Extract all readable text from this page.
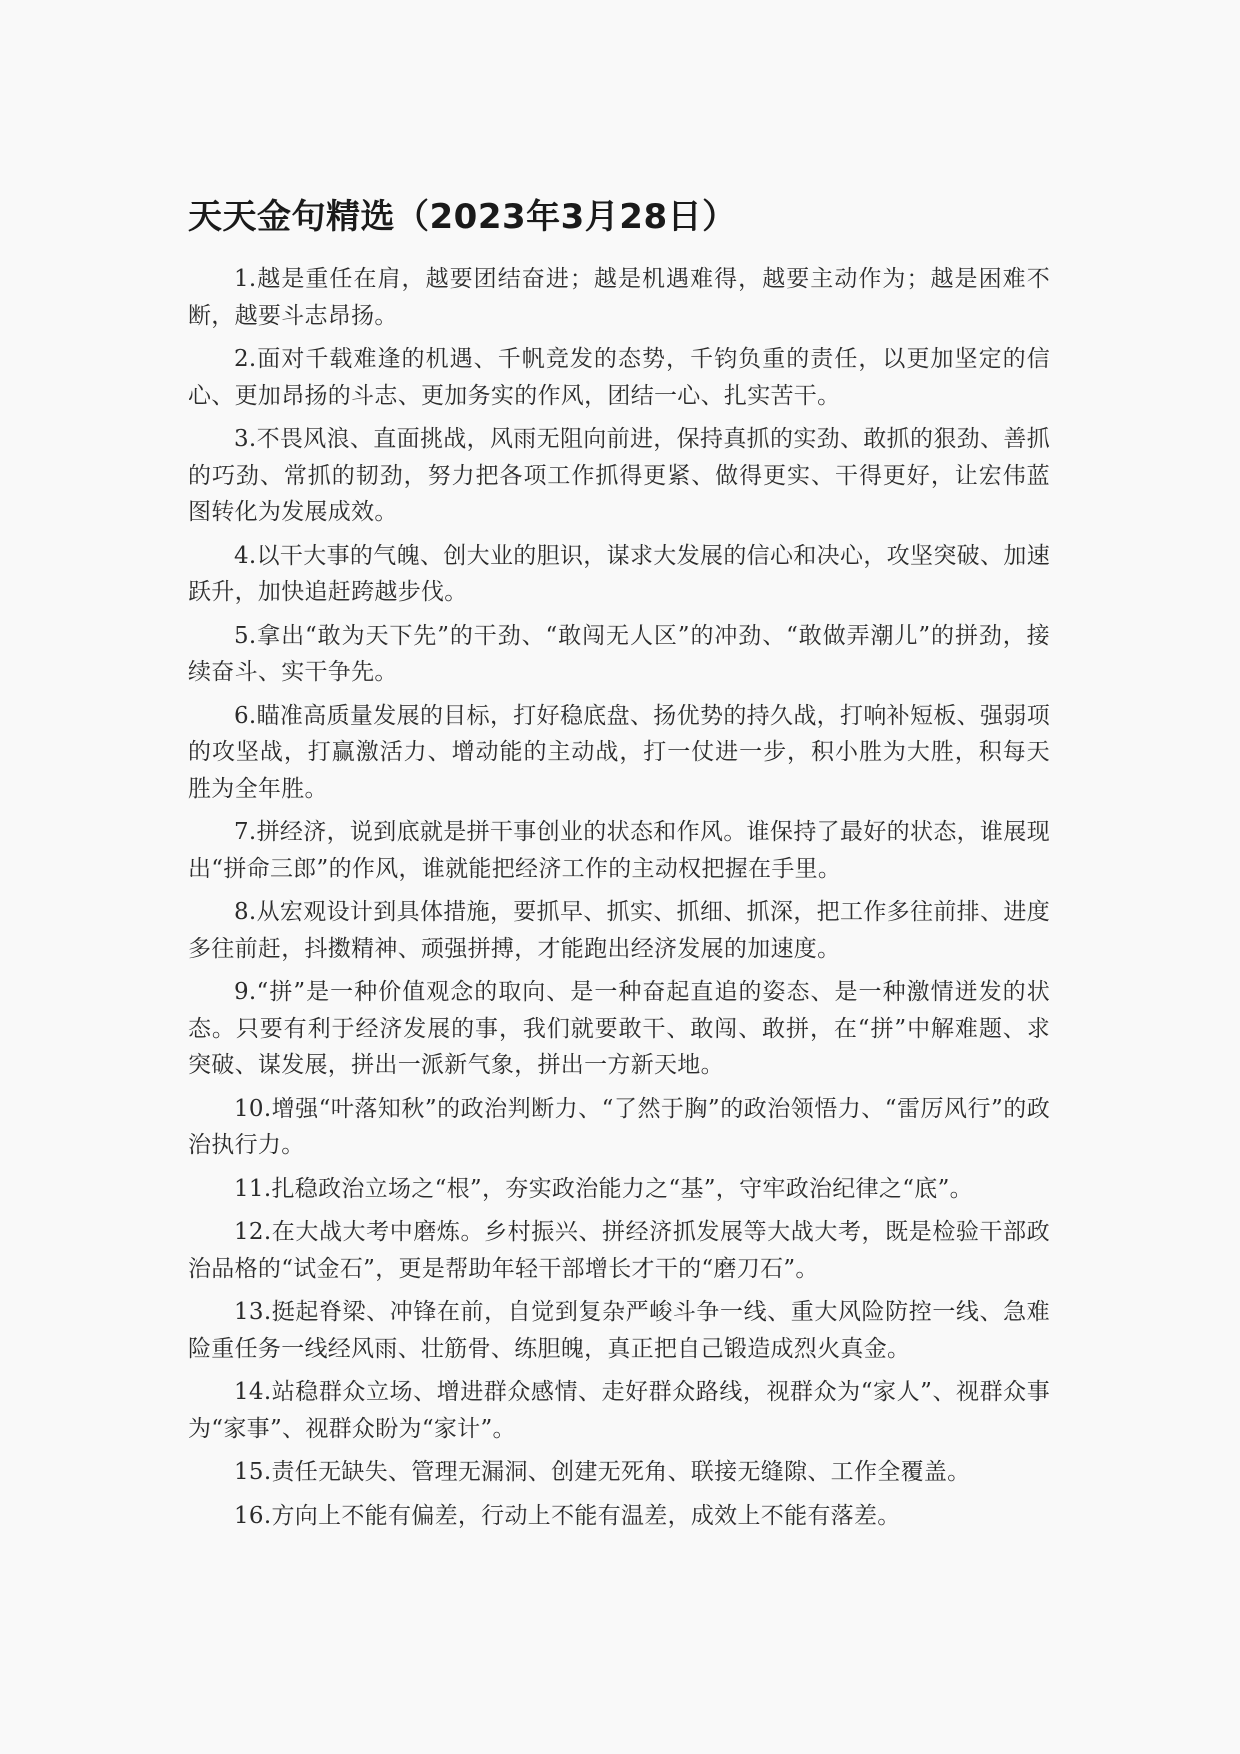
天天金句精选（2023年3月28日）

1.越是重任在肩，越要团结奋进；越是机遇难得，越要主动作为；越是困难不断，越要斗志昂扬。

2.面对千载难逢的机遇、千帆竞发的态势，千钧负重的责任，以更加坚定的信心、更加昂扬的斗志、更加务实的作风，团结一心、扎实苦干。

3.不畏风浪、直面挑战，风雨无阻向前进，保持真抓的实劲、敢抓的狠劲、善抓的巧劲、常抓的韧劲，努力把各项工作抓得更紧、做得更实、干得更好，让宏伟蓝图转化为发展成效。

4.以干大事的气魄、创大业的胆识，谋求大发展的信心和决心，攻坚突破、加速跃升，加快追赶跨越步伐。

5.拿出“敢为天下先”的干劲、“敢闯无人区”的冲劲、“敢做弄潮儿”的拼劲，接续奋斗、实干争先。

6.瞄准高质量发展的目标，打好稳底盘、扬优势的持久战，打响补短板、强弱项的攻坚战，打赢激活力、增动能的主动战，打一仗进一步，积小胜为大胜，积每天胜为全年胜。

7.拼经济，说到底就是拼干事创业的状态和作风。谁保持了最好的状态，谁展现出“拼命三郎”的作风，谁就能把经济工作的主动权把握在手里。

8.从宏观设计到具体措施，要抓早、抓实、抓细、抓深，把工作多往前排、进度多往前赶，抖擞精神、顽强拼搏，才能跑出经济发展的加速度。

9.“拼”是一种价值观念的取向、是一种奋起直追的姿态、是一种激情迸发的状态。只要有利于经济发展的事，我们就要敢干、敢闯、敢拼，在“拼”中解难题、求突破、谋发展，拼出一派新气象，拼出一方新天地。

10.增强“叶落知秋”的政治判断力、“了然于胸”的政治领悟力、“雷厉风行”的政治执行力。

11.扎稳政治立场之“根”，夯实政治能力之“基”，守牢政治纪律之“底”。

12.在大战大考中磨炼。乡村振兴、拼经济抓发展等大战大考，既是检验干部政治品格的“试金石”，更是帮助年轻干部增长才干的“磨刀石”。

13.挺起脊梁、冲锋在前，自觉到复杂严峻斗争一线、重大风险防控一线、急难险重任务一线经风雨、壮筋骨、练胆魄，真正把自己锻造成烈火真金。

14.站稳群众立场、增进群众感情、走好群众路线，视群众为“家人”、视群众事为“家事”、视群众盼为“家计”。

15.责任无缺失、管理无漏洞、创建无死角、联接无缝隙、工作全覆盖。

16.方向上不能有偏差，行动上不能有温差，成效上不能有落差。
